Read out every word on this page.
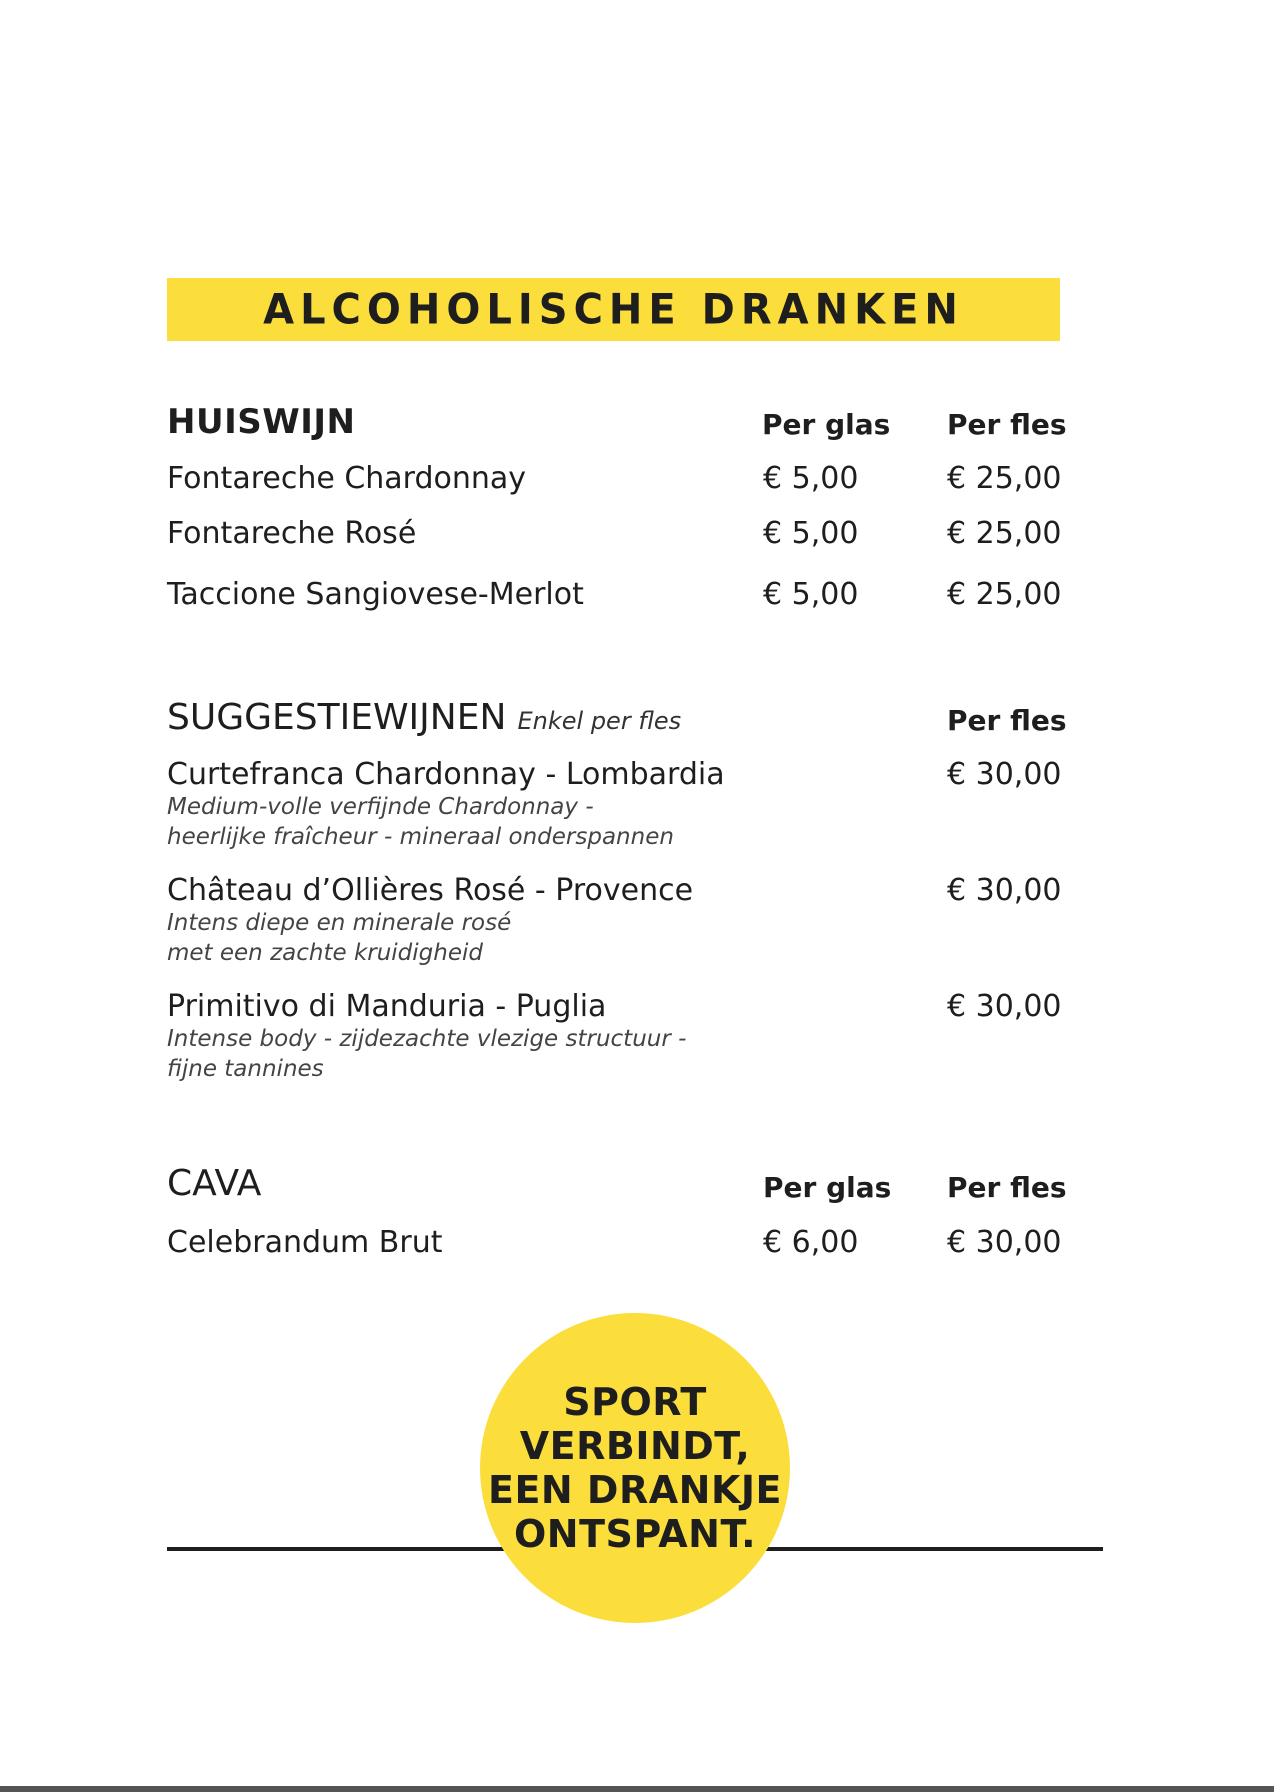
ALCOHOLISCHE DRANKEN
HUISWIJN	Per glas Per fles
Fontareche Chardonnay	€ 5,00	€ 25,00
Fontareche Rosé	€ 5,00	€ 25,00
Taccione Sangiovese-Merlot	€ 5,00	€ 25,00
SUGGESTIEWIJNEN Enkel per fles	Per fles
Curtefranca Chardonnay - Lombardia
Medium-volle verfijnde Chardonnay -
heerlijke fraîcheur - mineraal onderspannen
€ 30,00
Château d’Ollières Rosé - Provence
Intens diepe en minerale rosé
met een zachte kruidigheid
€ 30,00
Primitivo di Manduria - Puglia
Intense body - zijdezachte vlezige structuur -
fijne tannines
€ 30,00
CAVA	Per glas Per fles
Celebrandum Brut	€ 6,00	€ 30,00
SPORT
VERBINDT,
EEN DRANKJE
ONTSPANT.
